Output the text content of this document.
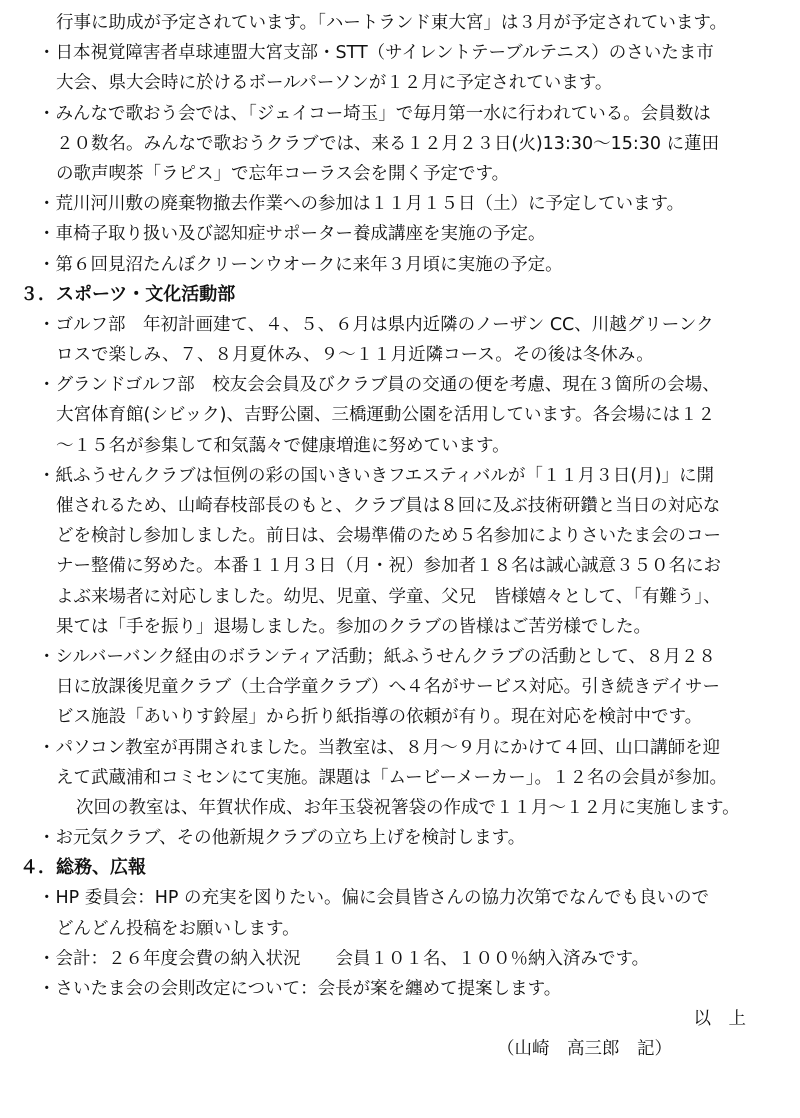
行事に助成が予定されています。「ハートランド東大宮」は３月が予定されています。
・日本視覚障害者卓球連盟大宮支部・STT（サイレントテーブルテニス）のさいたま市
大会、県大会時に於けるボールパーソンが１２月に予定されています。
・みんなで歌おう会では、「ジェイコー埼玉」で毎月第一水に行われている。会員数は
２０数名。みんなで歌おうクラブでは、来る１２月２３日(火)13:30〜15:30 に蓮田
の歌声喫茶「ラピス」で忘年コーラス会を開く予定です。
・荒川河川敷の廃棄物撤去作業への参加は１１月１５日（土）に予定しています。
・車椅子取り扱い及び認知症サポーター養成講座を実施の予定。
・第６回見沼たんぼクリーンウオークに来年３月頃に実施の予定。
３．スポーツ・文化活動部
・ゴルフ部　年初計画建て、４、５、６月は県内近隣のノーザン CC、川越グリーンク
ロスで楽しみ、７、８月夏休み、９〜１１月近隣コース。その後は冬休み。
・グランドゴルフ部　校友会会員及びクラブ員の交通の便を考慮、現在３箇所の会場、
大宮体育館(シビック)、吉野公園、三橋運動公園を活用しています。各会場には１２
〜１５名が参集して和気藹々で健康増進に努めています。
・紙ふうせんクラブは恒例の彩の国いきいきフエスティバルが「１１月３日(月)」に開
催されるため、山崎春枝部長のもと、クラブ員は８回に及ぶ技術研鑽と当日の対応な
どを検討し参加しました。前日は、会場準備のため５名参加によりさいたま会のコー
ナー整備に努めた。本番１１月３日（月・祝）参加者１８名は誠心誠意３５０名にお
よぶ来場者に対応しました。幼児、児童、学童、父兄　皆様嬉々として、「有難う」、
果ては「手を振り」退場しました。参加のクラブの皆様はご苦労様でした。
・シルバーバンク経由のボランティア活動；紙ふうせんクラブの活動として、８月２８
日に放課後児童クラブ（土合学童クラブ）へ４名がサービス対応。引き続きデイサー
ビス施設「あいりす鈴屋」から折り紙指導の依頼が有り。現在対応を検討中です。
・パソコン教室が再開されました。当教室は、８月〜９月にかけて４回、山口講師を迎
えて武蔵浦和コミセンにて実施。課題は「ムービーメーカー」。１２名の会員が参加。
次回の教室は、年賀状作成、お年玉袋祝箸袋の作成で１１月〜１２月に実施します。
・お元気クラブ、その他新規クラブの立ち上げを検討します。
４．総務、広報
・HP 委員会：HP の充実を図りたい。偏に会員皆さんの協力次第でなんでも良いので
どんどん投稿をお願いします。
・会計：２６年度会費の納入状況　　会員１０１名、１００％納入済みです。
・さいたま会の会則改定について：会長が案を纏めて提案します。
以　上
（山崎　高三郎　記）
